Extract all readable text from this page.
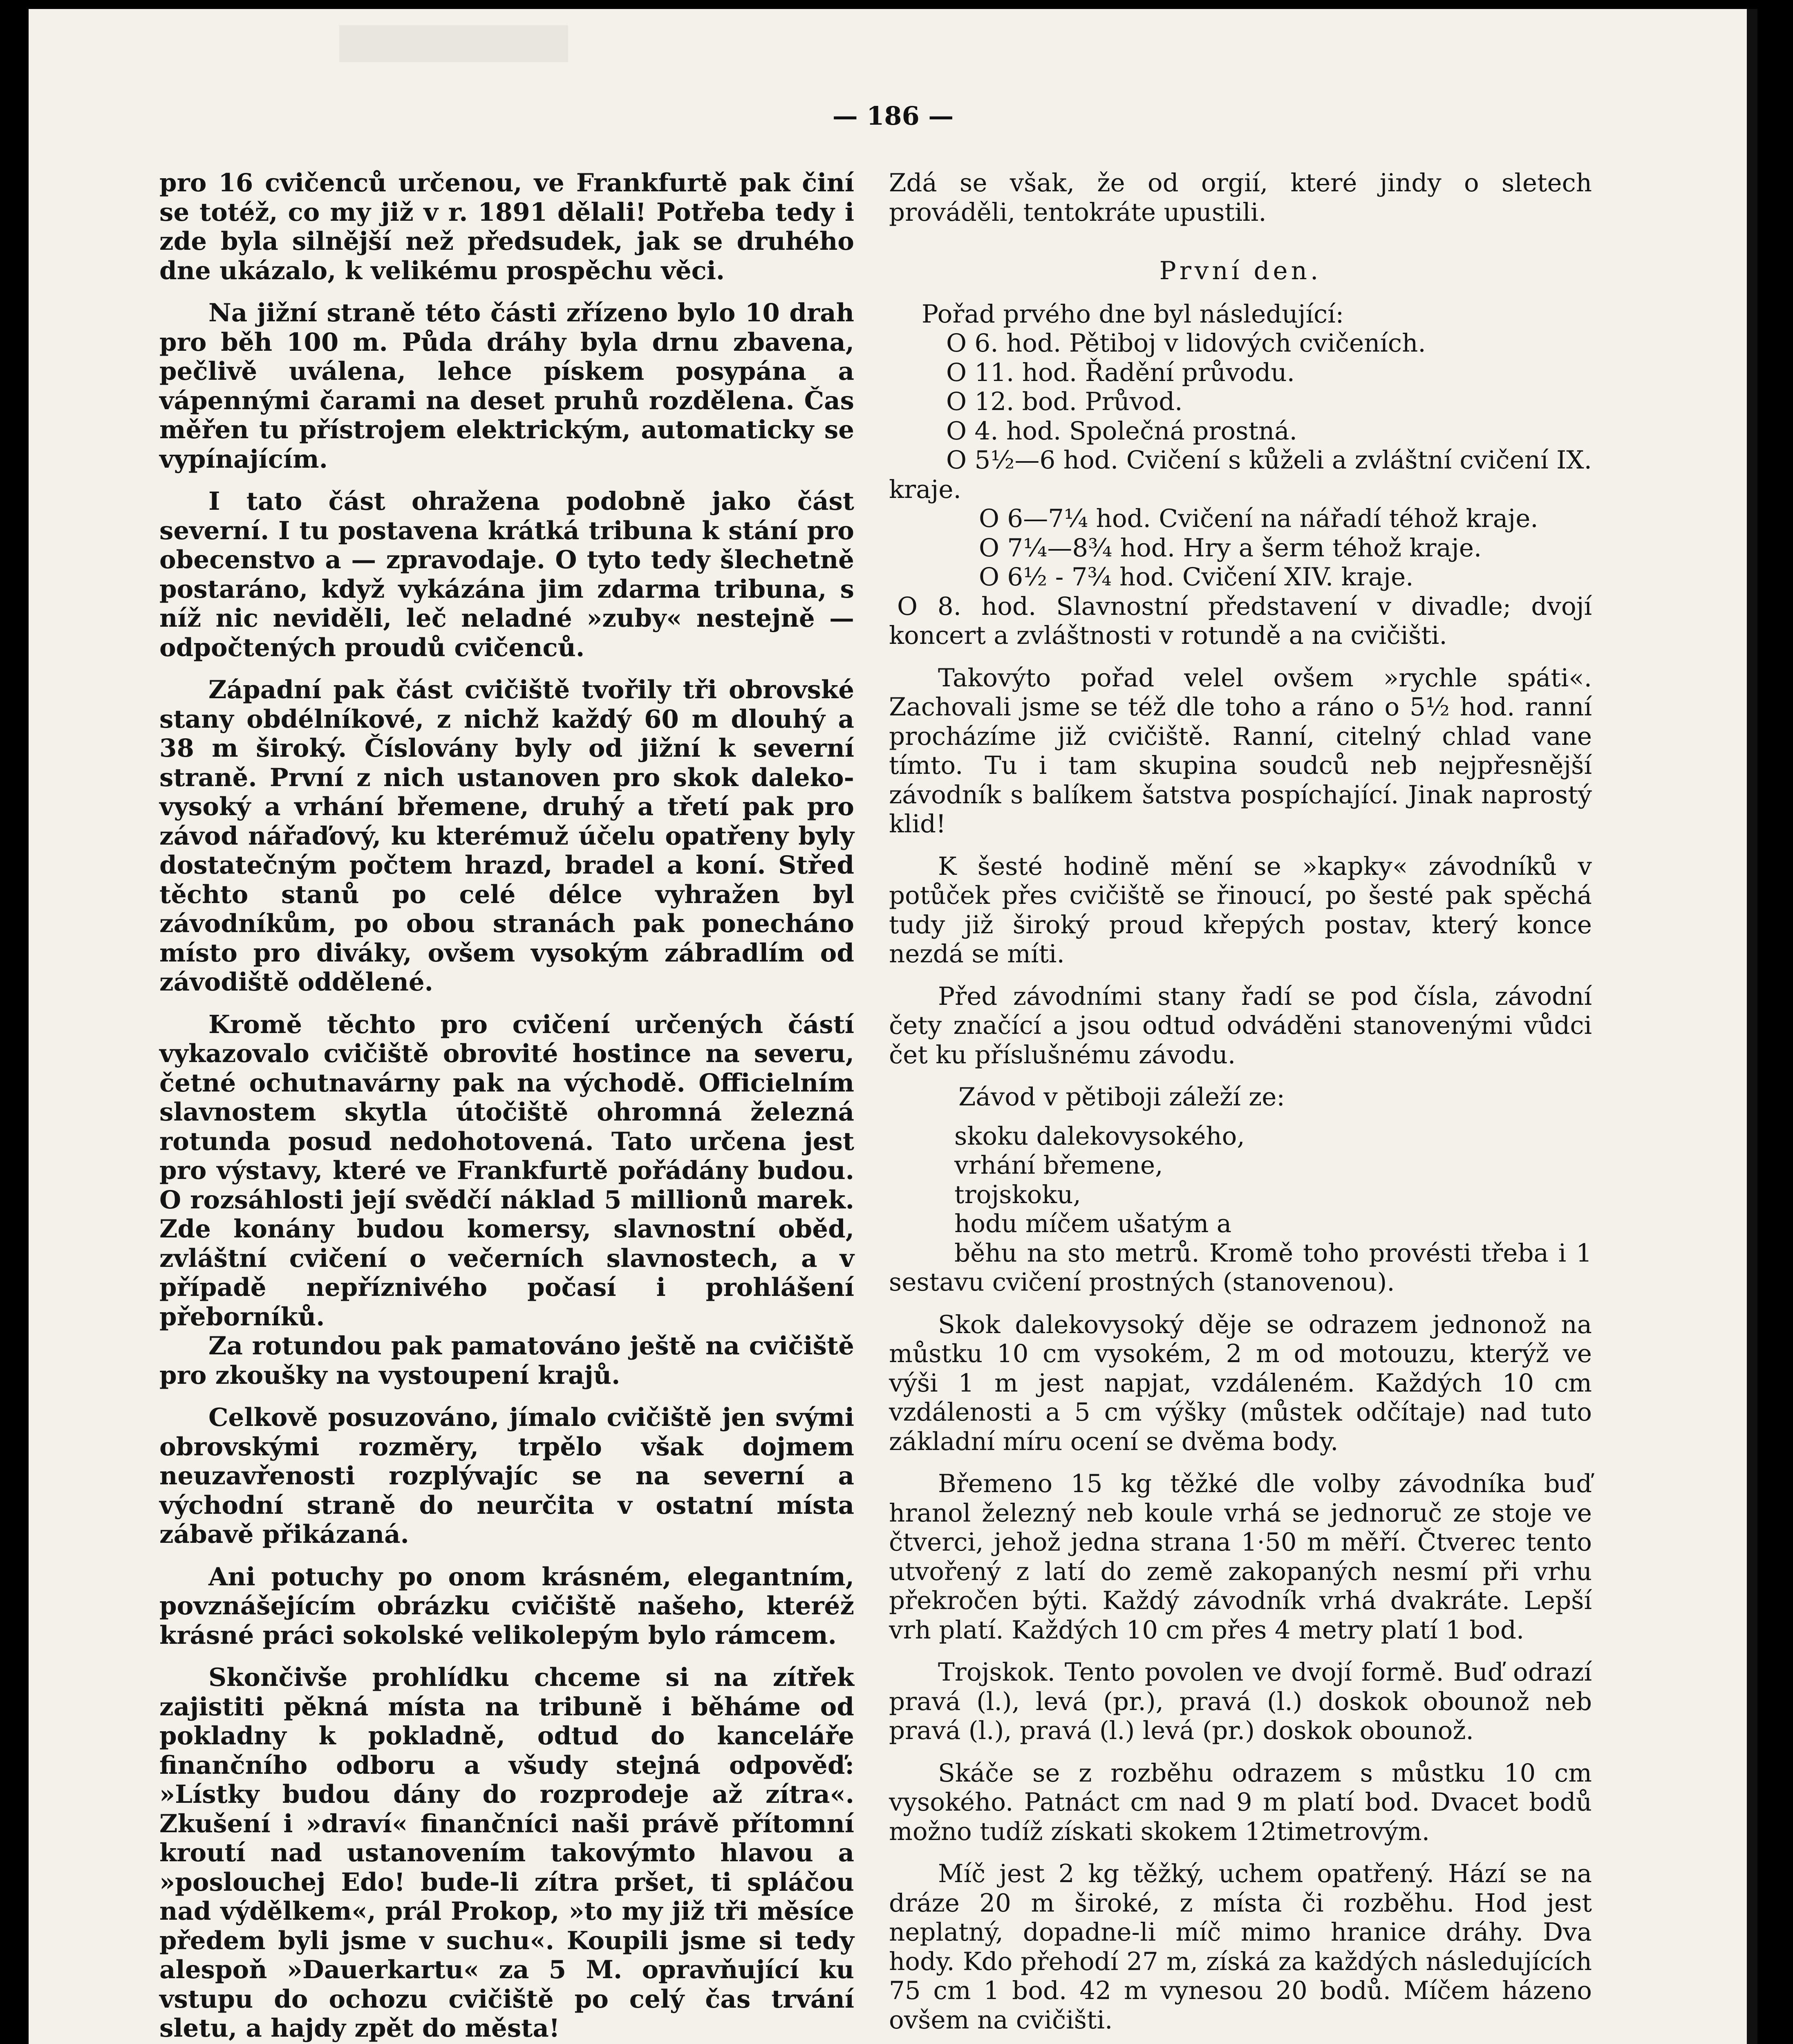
— 186 —

pro 16 cvičenců určenou, ve Frankfurtě pak činí se totéž, co my již v r. 1891 dělali! Potřeba tedy i zde byla silnější než předsudek, jak se druhého dne ukázalo, k velikému prospěchu věci.

Na jižní straně této části zřízeno bylo 10 drah pro běh 100 m. Půda dráhy byla drnu zbavena, pečlivě uválena, lehce pískem posypána a vápennými čarami na deset pruhů rozdělena. Čas měřen tu přístrojem elektrickým, automaticky se vypínajícím.

I tato část ohražena podobně jako část severní. I tu postavena krátká tribuna k stání pro obecenstvo a — zpravodaje. O tyto tedy šlechetně postaráno, když vykázána jim zdarma tribuna, s níž nic neviděli, leč neladné »zuby« nestejně — odpočtených proudů cvičenců.

Západní pak část cvičiště tvořily tři obrovské stany obdélníkové, z nichž každý 60 m dlouhý a 38 m široký. Číslovány byly od jižní k severní straně. První z nich ustanoven pro skok daleko-vysoký a vrhání břemene, druhý a třetí pak pro závod nářaďový, ku kterémuž účelu opatřeny byly dostatečným počtem hrazd, bradel a koní. Střed těchto stanů po celé délce vyhražen byl závodníkům, po obou stranách pak ponecháno místo pro diváky, ovšem vysokým zábradlím od závodiště oddělené.

Kromě těchto pro cvičení určených částí vykazovalo cvičiště obrovité hostince na severu, četné ochutnavárny pak na východě. Officielním slavnostem skytla útočiště ohromná železná rotunda posud nedohotovená. Tato určena jest pro výstavy, které ve Frankfurtě pořádány budou. O rozsáhlosti její svědčí náklad 5 millionů marek. Zde konány budou komersy, slavnostní oběd, zvláštní cvičení o večerních slavnostech, a v případě nepříznivého počasí i prohlášení přeborníků.

Za rotundou pak pamatováno ještě na cvičiště pro zkoušky na vystoupení krajů.

Celkově posuzováno, jímalo cvičiště jen svými obrovskými rozměry, trpělo však dojmem neuzavřenosti rozplývajíc se na severní a východní straně do neurčita v ostatní místa zábavě přikázaná.

Ani potuchy po onom krásném, elegantním, povznášejícím obrázku cvičiště našeho, kteréž krásné práci sokolské velikolepým bylo rámcem.

Skončivše prohlídku chceme si na zítřek zajistiti pěkná místa na tribuně i běháme od pokladny k pokladně, odtud do kanceláře finančního odboru a všudy stejná odpověď: »Lístky budou dány do rozprodeje až zítra«. Zkušení i »draví« finančníci naši právě přítomní kroutí nad ustanovením takovýmto hlavou a »poslouchej Edo! bude-li zítra pršet, ti spláčou nad výdělkem«, prál Prokop, »to my již tři měsíce předem byli jsme v suchu«. Koupili jsme si tedy alespoň »Dauerkartu« za 5 M. opravňující ku vstupu do ochozu cvičiště po celý čas trvání sletu, a hajdy zpět do města!

Zdá se však, že od orgií, které jindy o sletech prováděli, tentokráte upustili.

První den.

Pořad prvého dne byl následující:

O 6. hod. Pětiboj v lidových cvičeních.

O 11. hod. Řadění průvodu.

O 12. bod. Průvod.

O 4. hod. Společná prostná.

O 5½—6 hod. Cvičení s kůželi a zvláštní cvičení IX. kraje.

O 6—7¼ hod. Cvičení na nářadí téhož kraje.

O 7¼—8¾ hod. Hry a šerm téhož kraje.

O 6½ - 7¾ hod. Cvičení XIV. kraje.

O 8. hod. Slavnostní představení v divadle; dvojí koncert a zvláštnosti v rotundě a na cvičišti.

Takovýto pořad velel ovšem »rychle spáti«. Zachovali jsme se též dle toho a ráno o 5½ hod. ranní procházíme již cvičiště. Ranní, citelný chlad vane tímto. Tu i tam skupina soudců neb nejpřesnější závodník s balíkem šatstva pospíchající. Jinak naprostý klid!

K šesté hodině mění se »kapky« závodníků v potůček přes cvičiště se řinoucí, po šesté pak spěchá tudy již široký proud křepých postav, který konce nezdá se míti.

Před závodními stany řadí se pod čísla, závodní čety značící a jsou odtud odváděni stanovenými vůdci čet ku příslušnému závodu.

Závod v pětiboji záleží ze:

skoku dalekovysokého,

vrhání břemene,

trojskoku,

hodu míčem ušatým a

běhu na sto metrů. Kromě toho provésti třeba i 1 sestavu cvičení prostných (stanovenou).

Skok dalekovysoký děje se odrazem jednonož na můstku 10 cm vysokém, 2 m od motouzu, kterýž ve výši 1 m jest napjat, vzdáleném. Každých 10 cm vzdálenosti a 5 cm výšky (můstek odčítaje) nad tuto základní míru ocení se dvěma body.

Břemeno 15 kg těžké dle volby závodníka buď hranol železný neb koule vrhá se jednoruč ze stoje ve čtverci, jehož jedna strana 1·50 m měří. Čtverec tento utvořený z latí do země zakopaných nesmí při vrhu překročen býti. Každý závodník vrhá dvakráte. Lepší vrh platí. Každých 10 cm přes 4 metry platí 1 bod.

Trojskok. Tento povolen ve dvojí formě. Buď odrazí pravá (l.), levá (pr.), pravá (l.) doskok obounož neb pravá (l.), pravá (l.) levá (pr.) doskok obounož.

Skáče se z rozběhu odrazem s můstku 10 cm vysokého. Patnáct cm nad 9 m platí bod. Dvacet bodů možno tudíž získati skokem 12timetrovým.

Míč jest 2 kg těžký, uchem opatřený. Hází se na dráze 20 m široké, z místa či rozběhu. Hod jest neplatný, dopadne-li míč mimo hranice dráhy. Dva hody. Kdo přehodí 27 m, získá za každých následujících 75 cm 1 bod. 42 m vynesou 20 bodů. Míčem házeno ovšem na cvičišti.
